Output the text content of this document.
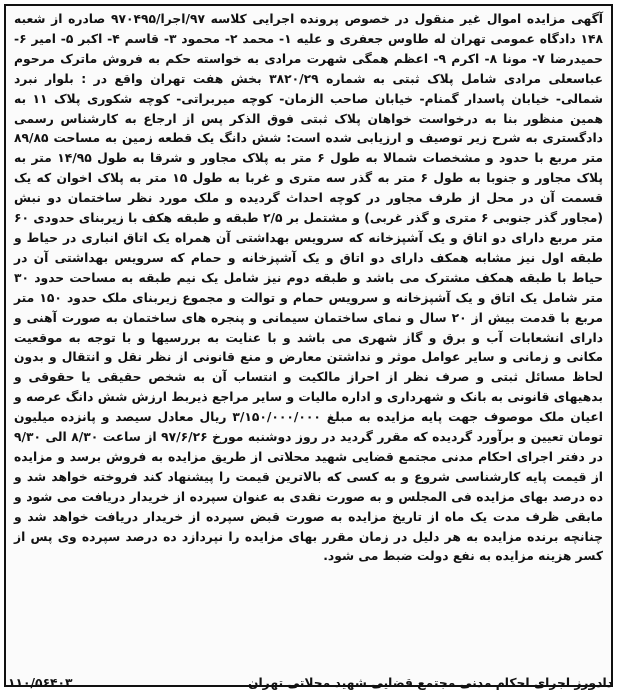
آگهی مزایده اموال غیر منقول در خصوص پرونده اجرایی کلاسه ۹۷/اجرا/۹۷۰۴۹۵ صادره از شعبه ۱۴۸ دادگاه عمومی تهران له طاوس جعفری و علیه ۱- محمد ۲- محمود ۳- قاسم ۴- اکبر ۵- امیر ۶- حمیدرضا ۷- مونا ۸- اکرم ۹- اعظم همگی شهرت مرادی به خواسته حکم به فروش ماترک مرحوم عباسعلی مرادی شامل پلاک ثبتی به شماره ۳۸۲۰/۲۹ بخش هفت تهران واقع در : بلوار نبرد شمالی- خیابان پاسدار گمنام- خیابان صاحب الزمان- کوچه میربراتی- کوچه شکوری پلاک ۱۱ به همین منظور بنا به درخواست خواهان پلاک ثبتی فوق الذکر پس از ارجاع به کارشناس رسمی دادگستری به شرح زیر توصیف و ارزیابی شده است: شش دانگ یک قطعه زمین به مساحت ۸۹/۸۵ متر مربع با حدود و مشخصات شمالا به طول ۶ متر به پلاک مجاور و شرقا به طول ۱۴/۹۵ متر به پلاک مجاور و جنوبا به طول ۶ متر به گذر سه متری و غربا به طول ۱۵ متر به پلاک اخوان که یک قسمت آن در محل از طرف مجاور در کوچه احداث گردیده و ملک مورد نظر ساختمان دو نبش (مجاور گذر جنوبی ۶ متری و گذر غربی) و مشتمل بر ۲/۵ طبقه و طبقه هکف با زیربنای حدودی ۶۰ متر مربع دارای دو اتاق و یک آشپزخانه که سرویس بهداشتی آن همراه یک اتاق انباری در حیاط و طبقه اول نیز مشابه همکف دارای دو اتاق و یک آشپزخانه و حمام که سرویس بهداشتی آن در حیاط با طبقه همکف مشترک می باشد و طبقه دوم نیز شامل یک نیم طبقه به مساحت حدود ۳۰ متر شامل یک اتاق و یک آشپزخانه و سرویس حمام و توالت و مجموع زیربنای ملک حدود ۱۵۰ متر مربع با قدمت بیش از ۲۰ سال و نمای ساختمان سیمانی و پنجره های ساختمان به صورت آهنی و دارای انشعابات آب و برق و گاز شهری می باشد و با عنایت به بررسیها و با توجه به موقعیت مکانی و زمانی و سایر عوامل موثر و نداشتن معارض و منع قانونی از نظر نقل و انتقال و بدون لحاظ مسائل ثبتی و صرف نظر از احراز مالکیت و انتساب آن به شخص حقیقی یا حقوقی و بدهیهای قانونی به بانک و شهرداری و اداره مالیات و سایر مراجع ذیربط ارزش شش دانگ عرصه و اعیان ملک موصوف جهت پایه مزایده به مبلغ ۳/۱۵۰/۰۰۰/۰۰۰ ریال معادل سیصد و پانزده میلیون تومان تعیین و برآورد گردیده که مقرر گردید در روز دوشنبه مورخ ۹۷/۶/۲۶ از ساعت ۸/۳۰ الی ۹/۳۰ در دفتر اجرای احکام مدنی مجتمع قضایی شهید محلاتی از طریق مزایده به فروش برسد و مزایده از قیمت پایه کارشناسی شروع و به کسی که بالاترین قیمت را پیشنهاد کند فروخته خواهد شد و ده درصد بهای مزایده فی المجلس و به صورت نقدی به عنوان سپرده از خریدار دریافت می شود و مابقی ظرف مدت یک ماه از تاریخ مزایده به صورت قبض سپرده از خریدار دریافت خواهد شد و چنانچه برنده مزایده به هر دلیل در زمان مقرر بهای مزایده را نپردازد ده درصد سپرده وی پس از کسر هزینه مزایده به نفع دولت ضبط می شود.

دادورز اجرای احکام مدنی مجتمع قضایی شهید محلاتی تهران
۱۱۰/۵۶۴۰۳
